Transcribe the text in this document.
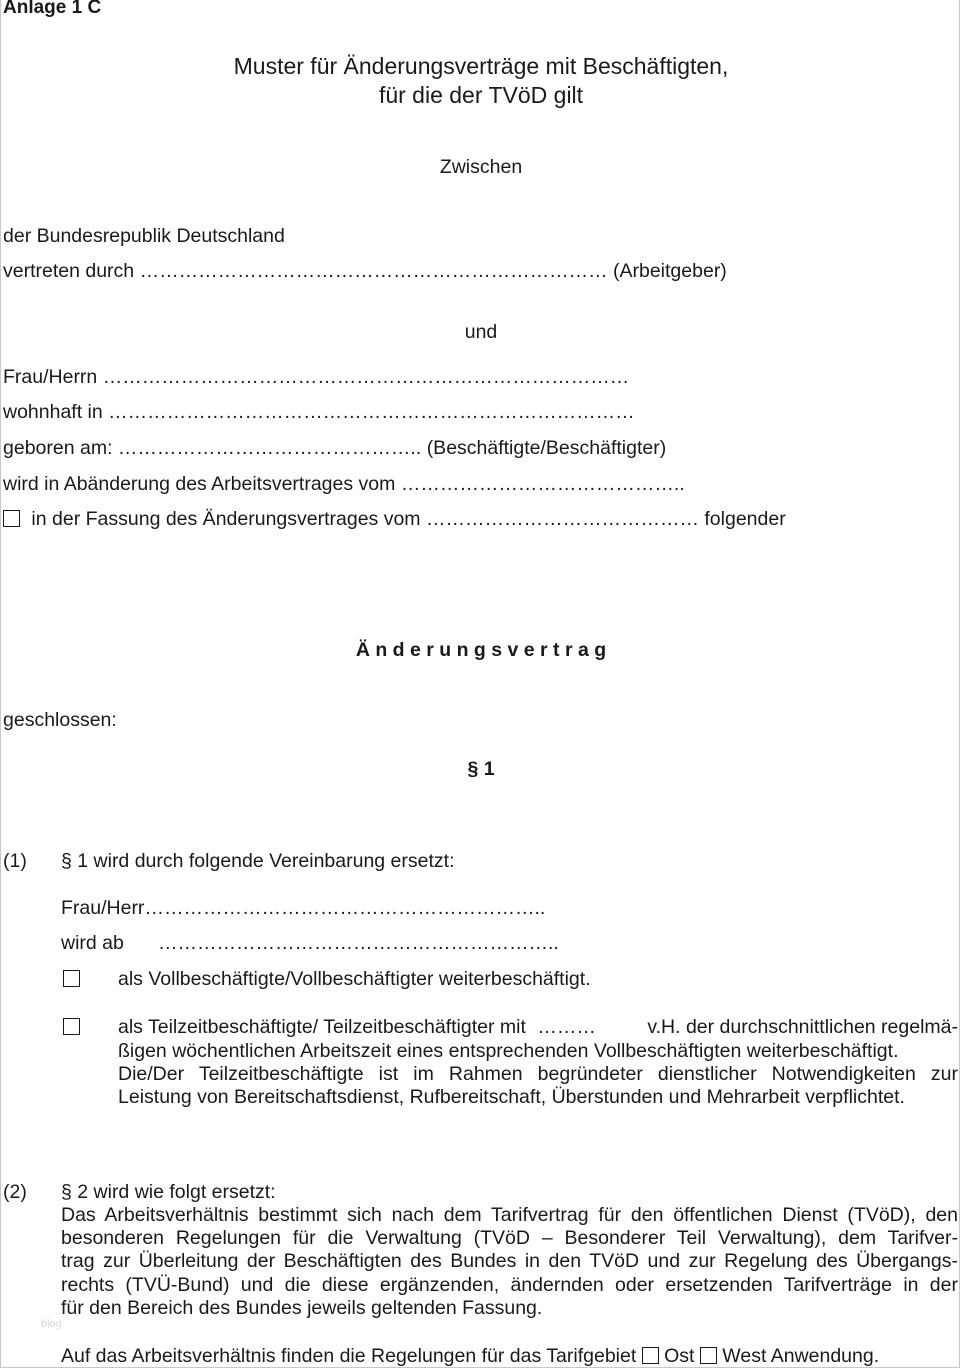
Anlage 1 C
Muster für Änderungsverträge mit Beschäftigten,
für die der TVöD gilt
Zwischen
der Bundesrepublik Deutschland
vertreten durch ……………………………………………………………… (Arbeitgeber)
und
Frau/Herrn ………………………………………………………………………
wohnhaft in ………………………………………………………………………
geboren am: ……………………………………….. (Beschäftigte/Beschäftigter)
wird in Abänderung des Arbeitsvertrages vom ……………………………………..
in der Fassung des Änderungsvertrages vom …………………………………… folgender
Ä n d e r u n g s v e r t r a g
geschlossen:
§ 1
(1) § 1 wird durch folgende Vereinbarung ersetzt:
Frau/Herr……………………………………………………..
wird ab ……………………………………………………..
als Vollbeschäftigte/Vollbeschäftigter weiterbeschäftigt.
als Teilzeitbeschäftigte/ Teilzeitbeschäftigter mit ………	v.H. der durchschnittlichen regelmä-
ßigen wöchentlichen Arbeitszeit eines entsprechenden Vollbeschäftigten weiterbeschäftigt.
Die/Der Teilzeitbeschäftigte ist im Rahmen begründeter dienstlicher Notwendigkeiten zur
Leistung von Bereitschaftsdienst, Rufbereitschaft, Überstunden und Mehrarbeit verpflichtet.
(2) § 2 wird wie folgt ersetzt:
Das Arbeitsverhältnis bestimmt sich nach dem Tarifvertrag für den öffentlichen Dienst (TVöD), den
besonderen Regelungen für die Verwaltung (TVöD – Besonderer Teil Verwaltung), dem Tarifver-
trag zur Überleitung der Beschäftigten des Bundes in den TVöD und zur Regelung des Übergangs-
rechts (TVÜ-Bund) und die diese ergänzenden, ändernden oder ersetzenden Tarifverträge in der
für den Bereich des Bundes jeweils geltenden Fassung.
Auf das Arbeitsverhältnis finden die Regelungen für das Tarifgebiet Ost West Anwendung.
blog
